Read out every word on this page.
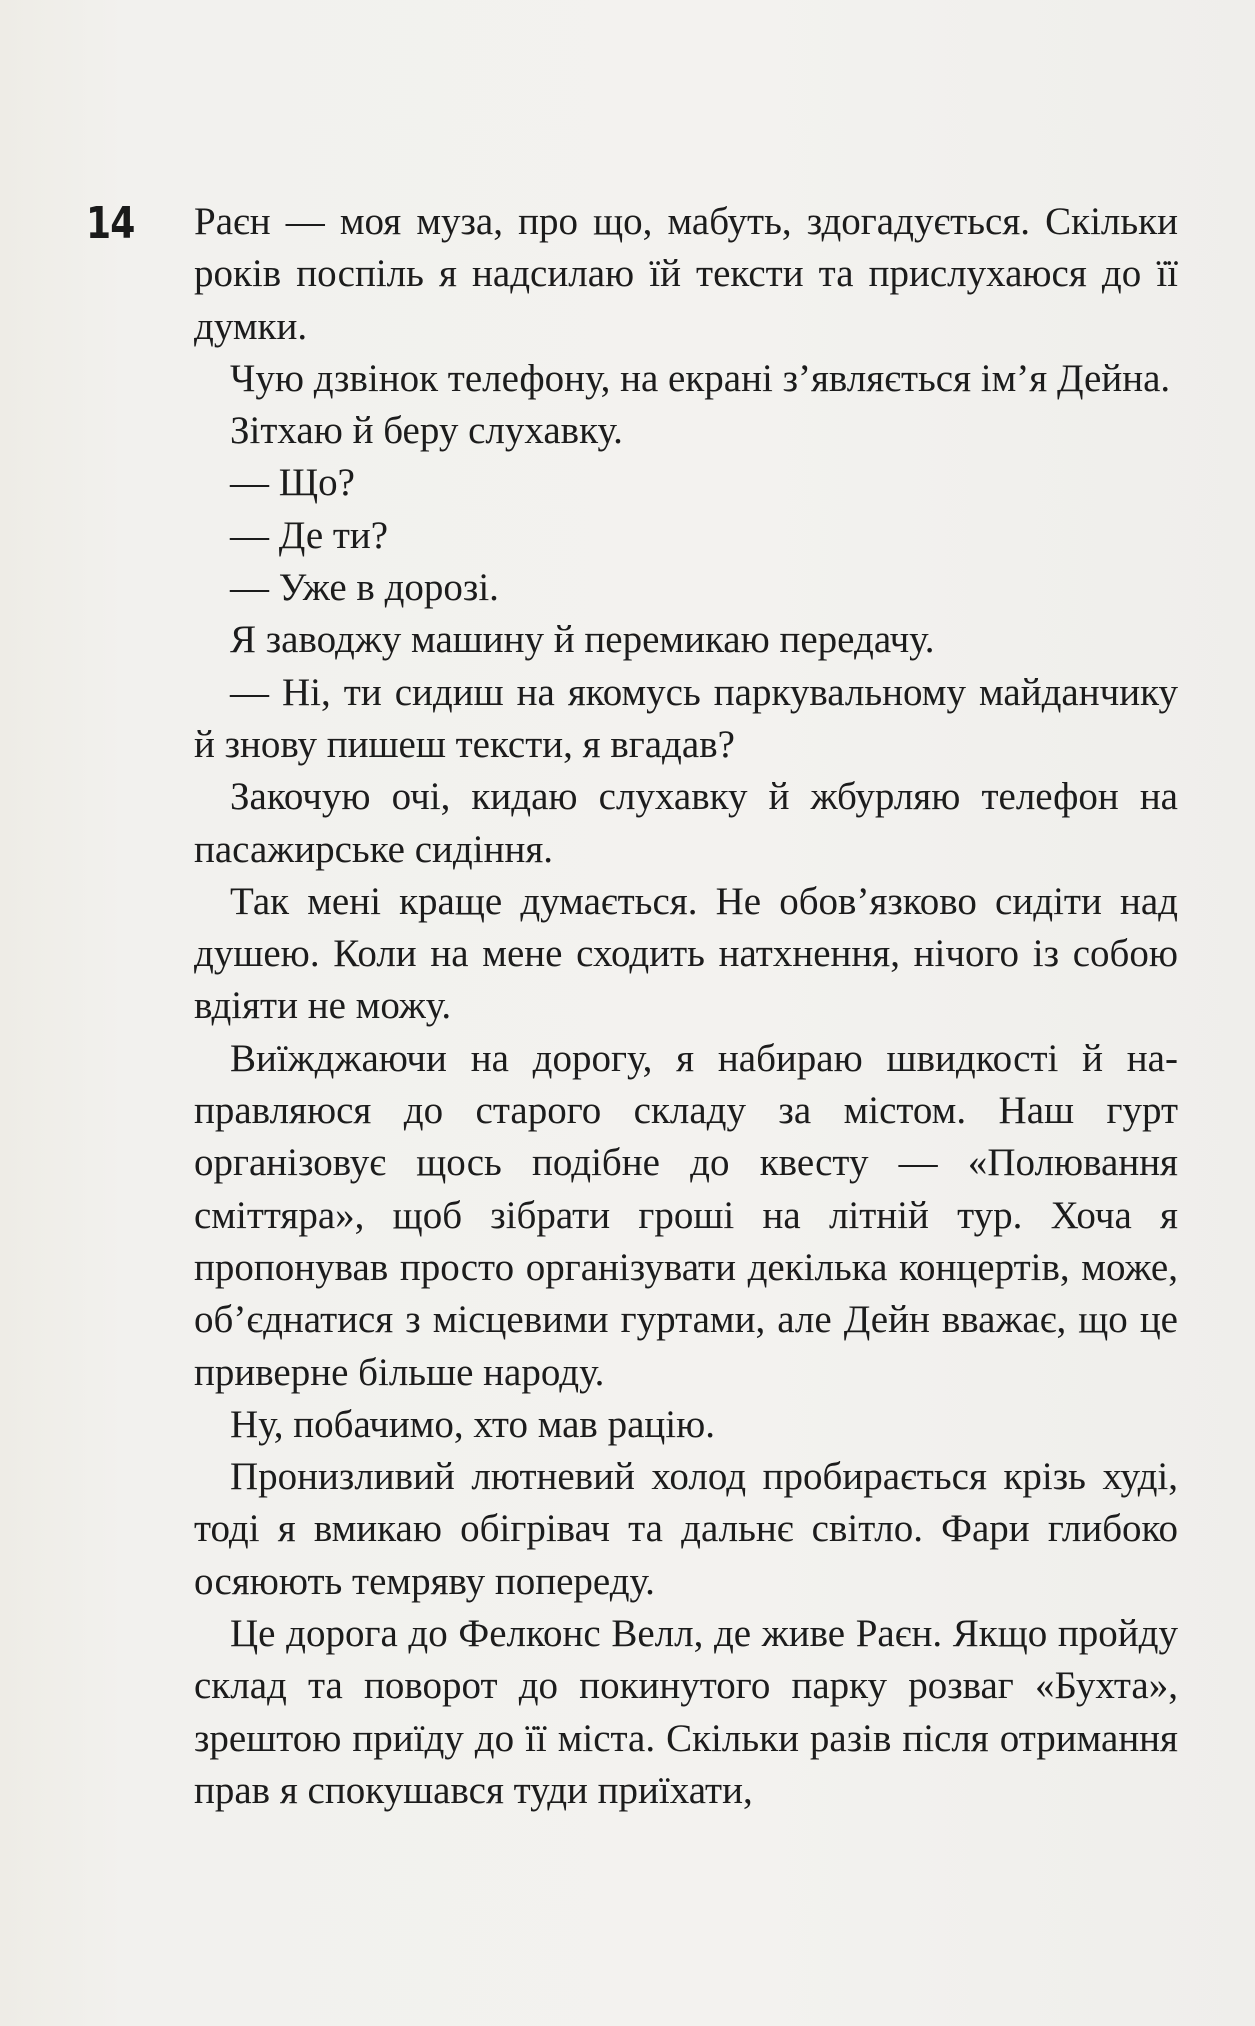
14 Раєн — моя муза, про що, мабуть, здогадується. Скільки років поспіль я надсилаю їй тексти та прислухаюся до її думки.

Чую дзвінок телефону, на екрані з’являється ім’я Дейна.

Зітхаю й беру слухавку.

— Що?

— Де ти?

— Уже в дорозі.

Я заводжу машину й перемикаю передачу.

— Ні, ти сидиш на якомусь паркувальному майданчику й знову пишеш тексти, я вгадав?

Закочую очі, кидаю слухавку й жбурляю телефон на пасажирське сидіння.

Так мені краще думається. Не обов’язково сидіти над душею. Коли на мене сходить натхнення, нічого із собою вдіяти не можу.

Виїжджаючи на дорогу, я набираю швидкості й направляюся до старого складу за містом. Наш гурт організовує щось подібне до квесту — «Полювання сміттяра», щоб зібрати гроші на літній тур. Хоча я пропонував просто організувати декілька концертів, може, об’єднатися з місцевими гуртами, але Дейн вважає, що це приверне більше народу.

Ну, побачимо, хто мав рацію.

Пронизливий лютневий холод пробирається крізь худі, тоді я вмикаю обігрівач та дальнє світло. Фари глибоко осяюють темряву попереду.

Це дорога до Фелконс Велл, де живе Раєн. Якщо пройду склад та поворот до покинутого парку розваг «Бухта», зрештою приїду до її міста. Скільки разів після отримання прав я спокушався туди приїхати,
